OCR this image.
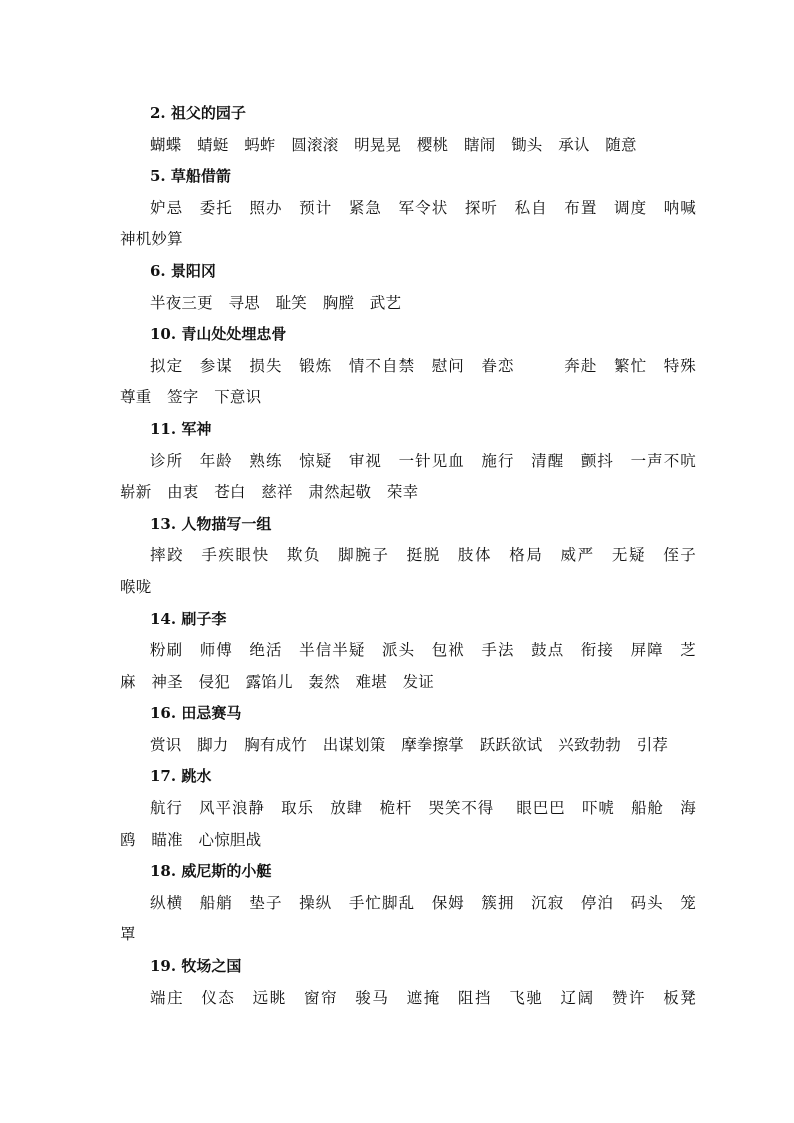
2. 祖父的园子
蝴蝶　蜻蜓　蚂蚱　圆滚滚　明晃晃　樱桃　瞎闹　锄头　承认　随意
5. 草船借箭
妒忌　委托　照办　预计　紧急　军令状　探听　私自　布置　调度　呐喊
神机妙算
6. 景阳冈
半夜三更　寻思　耻笑　胸膛　武艺
10. 青山处处埋忠骨
拟定　参谋　损失　锻炼　情不自禁　慰问　眷恋　　　奔赴　繁忙　特殊
尊重　签字　下意识
11. 军神
诊所　年龄　熟练　惊疑　审视　一针见血　施行　清醒　颤抖　一声不吭
崭新　由衷　苍白　慈祥　肃然起敬　荣幸
13. 人物描写一组
摔跤　手疾眼快　欺负　脚腕子　挺脱　肢体　格局　威严　无疑　侄子
喉咙
14. 刷子李
粉刷　师傅　绝活　半信半疑　派头　包袱　手法　鼓点　衔接　屏障　芝
麻　神圣　侵犯　露馅儿　轰然　难堪　发证
16. 田忌赛马
赏识　脚力　胸有成竹　出谋划策　摩拳擦掌　跃跃欲试　兴致勃勃　引荐
17. 跳水
航行　风平浪静　取乐　放肆　桅杆　哭笑不得　 眼巴巴　吓唬　船舱　海
鸥　瞄准　心惊胆战
18. 威尼斯的小艇
纵横　船艄　垫子　操纵　手忙脚乱　保姆　簇拥　沉寂　停泊　码头　笼
罩
19. 牧场之国
端庄　仪态　远眺　窗帘　骏马　遮掩　阻挡　飞驰　辽阔　赞许　板凳
